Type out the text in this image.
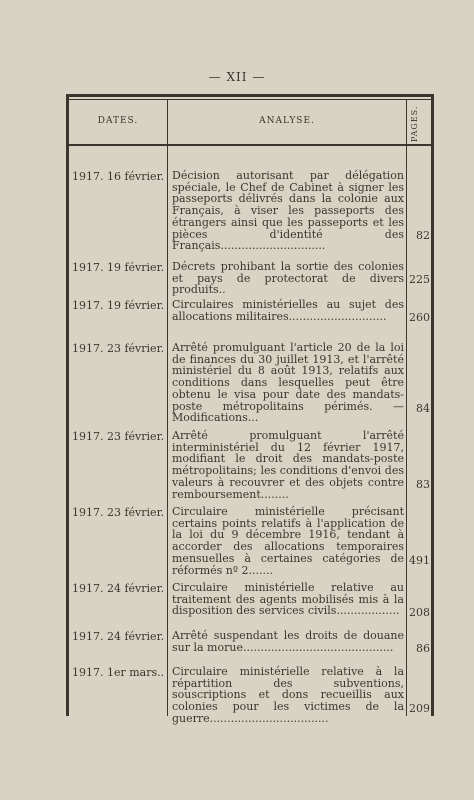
— XII —
DATES.	ANALYSE.	PAGES.
1917. 16 février. Décision autorisant par délégation spéciale, le Chef de Cabinet à signer les passeports délivrés dans la colonie aux Français, à viser les passeports des étrangers ainsi que les passeports et les pièces d'identité des Français..............................
82
1917. 19 février. Décrets prohibant la sortie des colonies et pays de protectorat de divers produits..
225
1917. 19 février. Circulaires ministérielles au sujet des allocations militaires............................	260
1917. 23 février. Arrêté promulguant l'article 20 de la loi de finances du 30 juillet 1913, et l'arrêté ministériel du 8 août 1913, relatifs aux conditions dans lesquelles peut être obtenu le visa pour date des mandats-poste métropolitains périmés. — Modifications...
84
1917. 23 février. Arrêté promulguant l'arrêté interministériel du 12 février 1917, modifiant le droit des mandats-poste métropolitains; les conditions d'envoi des valeurs à recouvrer et des objets contre remboursement........
83
1917. 23 février. Circulaire ministérielle précisant certains points relatifs à l'application de la loi du 9 décembre 1916, tendant à accorder des allocations temporaires mensuelles à certaines catégories de réformés nº 2.......
491
1917. 24 février. Circulaire ministérielle relative au traitement des agents mobilisés mis à la disposition des services civils.................. 208
1917. 24 février. Arrêté suspendant les droits de douane sur la morue...........................................	86
1917. 1er mars.. Circulaire ministérielle relative à la répartition des subventions, souscriptions et dons recueillis aux colonies pour les victimes de la guerre..................................
209
